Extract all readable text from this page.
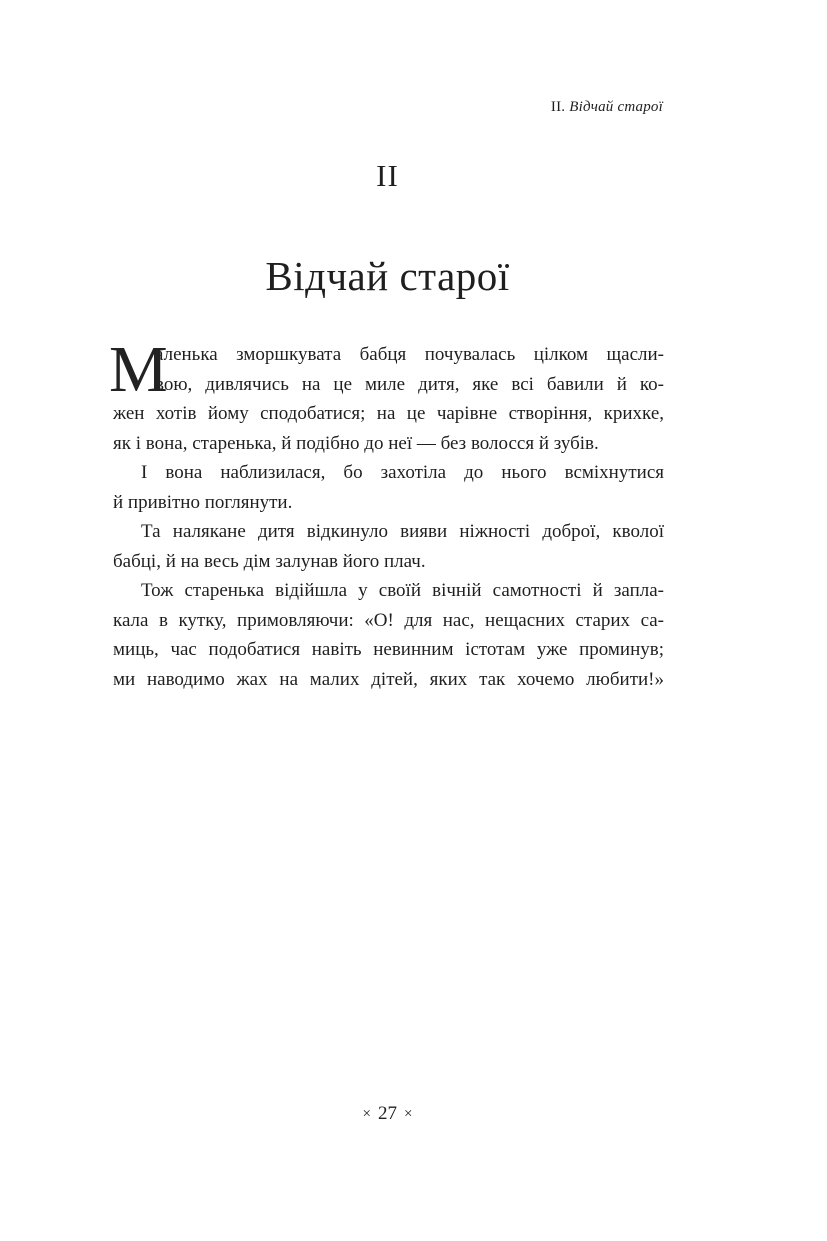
II. Відчай старої
II
Відчай старої
М
аленька зморшкувата бабця почувалась цілком щасли-
вою, дивлячись на це миле дитя, яке всі бавили й ко-
жен хотів йому сподобатися; на це чарівне створіння, крихке,
як і вона, старенька, й подібно до неї — без волосся й зубів.
І вона наблизилася, бо захотіла до нього всміхнутися
й привітно поглянути.
Та налякане дитя відкинуло вияви ніжності доброї, кволої
бабці, й на весь дім залунав його плач.
Тож старенька відійшла у своїй вічній самотності й запла-
кала в кутку, примовляючи: «О! для нас, нещасних старих са-
миць, час подобатися навіть невинним істотам уже проминув;
ми наводимо жах на малих дітей, яких так хочемо любити!»
× 27 ×
